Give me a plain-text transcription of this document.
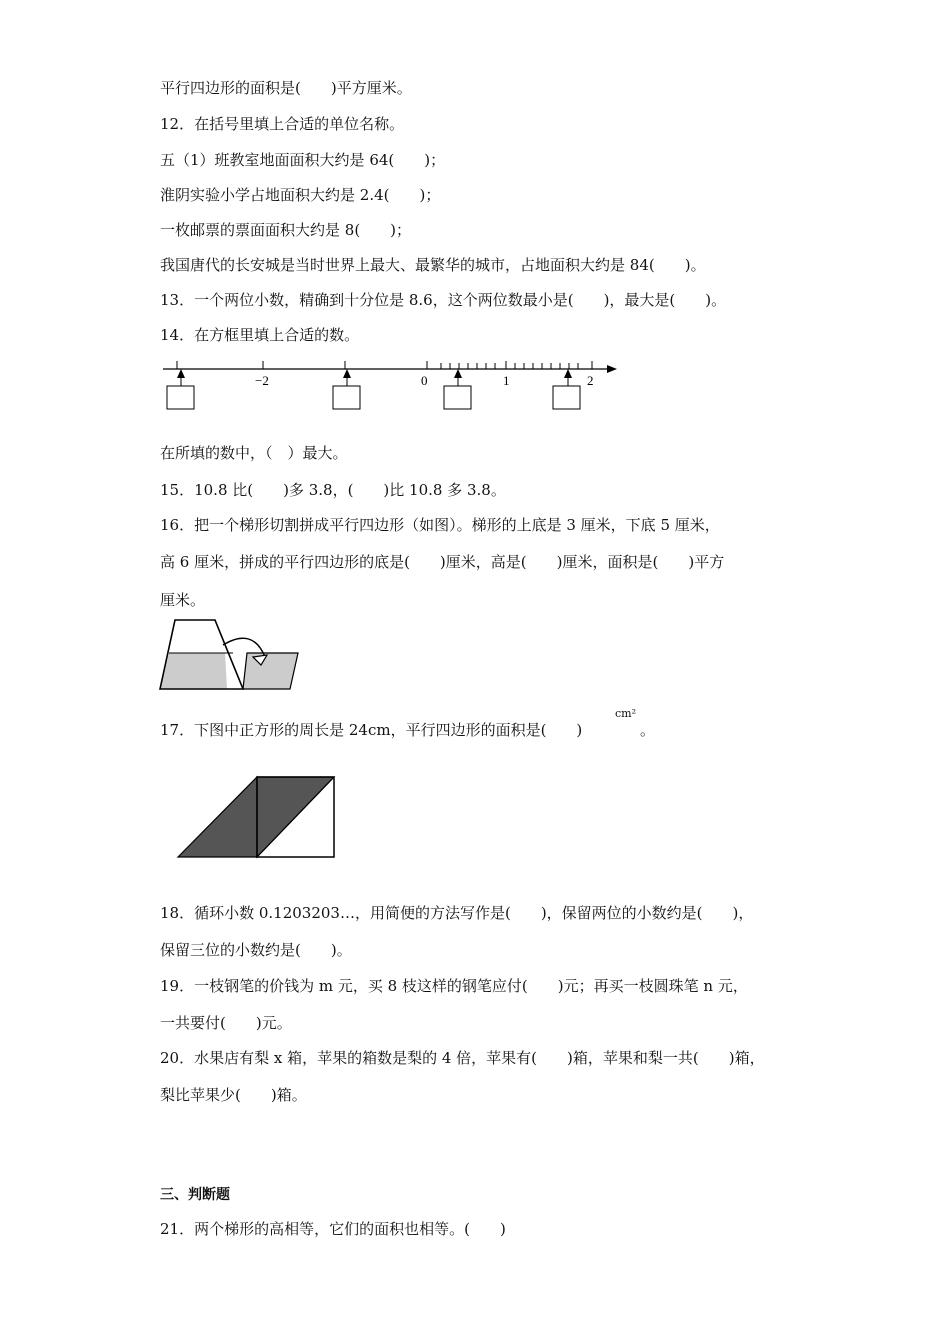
平行四边形的面积是(　　)平方厘米。
12．在括号里填上合适的单位名称。
五（1）班教室地面面积大约是 64(　　)；
淮阴实验小学占地面积大约是 2.4(　　)；
一枚邮票的票面面积大约是 8(　　)；
我国唐代的长安城是当时世界上最大、最繁华的城市，占地面积大约是 84(　　)。
13．一个两位小数，精确到十分位是 8.6，这个两位数最小是(　　)，最大是(　　)。
14．在方框里填上合适的数。
−2	0	1	2
在所填的数中，（　）最大。
15．10.8 比(　　)多 3.8，(　　)比 10.8 多 3.8。
16．把一个梯形切割拼成平行四边形（如图）。梯形的上底是 3 厘米，下底 5 厘米，
高 6 厘米，拼成的平行四边形的底是(　　)厘米，高是(　　)厘米，面积是(　　)平方
厘米。
17．下图中正方形的周长是 24cm，平行四边形的面积是(　　)
cm²
。
18．循环小数 0.1203203…，用简便的方法写作是(　　)，保留两位的小数约是(　　)，
保留三位的小数约是(　　)。
19．一枝钢笔的价钱为 m 元，买 8 枝这样的钢笔应付(　　)元；再买一枝圆珠笔 n 元，
一共要付(　　)元。
20．水果店有梨 x 箱，苹果的箱数是梨的 4 倍，苹果有(　　)箱，苹果和梨一共(　　)箱，
梨比苹果少(　　)箱。
三、判断题
21．两个梯形的高相等，它们的面积也相等。(　　)
